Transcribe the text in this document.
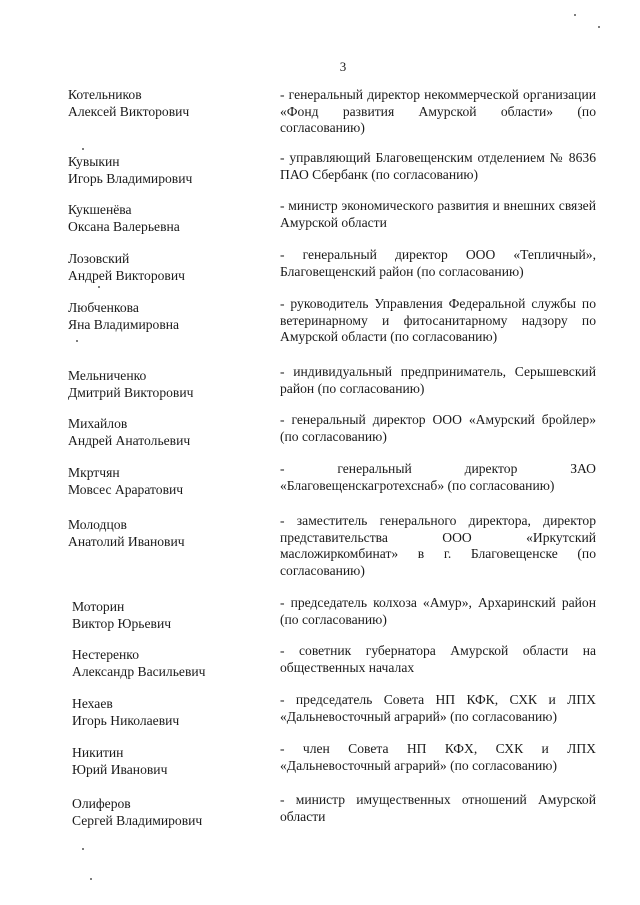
3
Котельников
Алексей Викторович
- генеральный директор некоммерческой организации «Фонд развития Амурской области» (по согласованию)
Кувыкин
Игорь Владимирович
- управляющий Благовещенским отделением № 8636 ПАО Сбербанк (по согласованию)
Кукшенёва
Оксана Валерьевна
- министр экономического развития и внешних связей Амурской области
Лозовский
Андрей Викторович
- генеральный директор ООО «Тепличный», Благовещенский район (по согласованию)
Любченкова
Яна Владимировна
- руководитель Управления Федеральной службы по ветеринарному и фитосанитарному надзору по Амурской области (по согласованию)
Мельниченко
Дмитрий Викторович
- индивидуальный предприниматель, Серышевский район (по согласованию)
Михайлов
Андрей Анатольевич
- генеральный директор ООО «Амурский бройлер» (по согласованию)
Мкртчян
Мовсес Араратович
- генеральный директор ЗАО «Благовещенскагротехснаб» (по согласованию)
Молодцов
Анатолий Иванович
- заместитель генерального директора, директор представительства ООО «Иркутский масложиркомбинат» в г. Благовещенске (по согласованию)
Моторин
Виктор Юрьевич
- председатель колхоза «Амур», Архаринский район (по согласованию)
Нестеренко
Александр Васильевич
- советник губернатора Амурской области на общественных началах
Нехаев
Игорь Николаевич
- председатель Совета НП КФК, СХК и ЛПХ «Дальневосточный аграрий» (по согласованию)
Никитин
Юрий Иванович
- член Совета НП КФХ, СХК и ЛПХ «Дальневосточный аграрий» (по согласованию)
Олиферов
Сергей Владимирович
- министр имущественных отношений Амурской области
